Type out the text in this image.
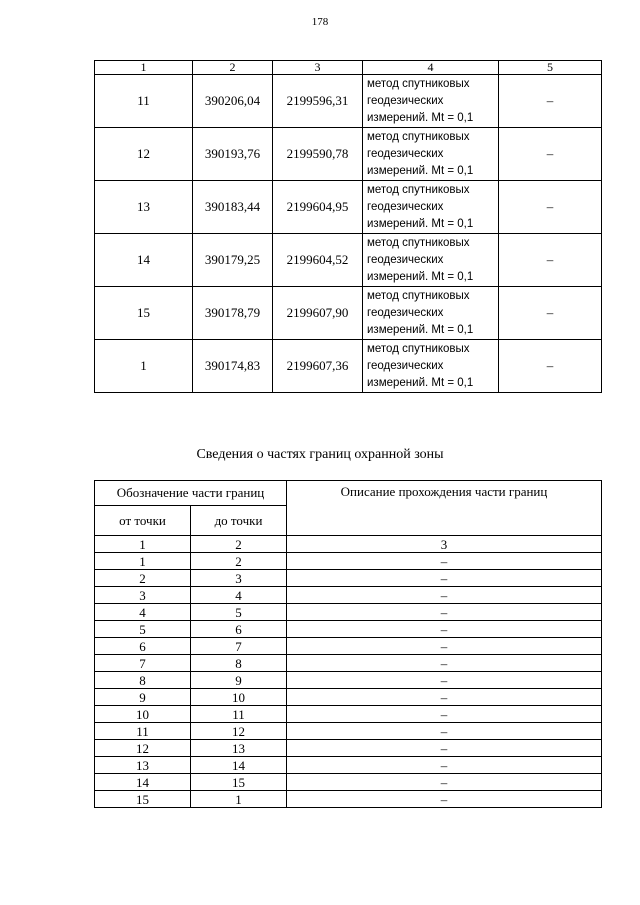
178
1	2	3	4	5
11	390206,04	2199596,31	метод спутниковых
геодезических
измерений. Mt = 0,1	–
12	390193,76	2199590,78	метод спутниковых
геодезических
измерений. Mt = 0,1	–
13	390183,44	2199604,95	метод спутниковых
геодезических
измерений. Mt = 0,1	–
14	390179,25	2199604,52	метод спутниковых
геодезических
измерений. Mt = 0,1	–
15	390178,79	2199607,90	метод спутниковых
геодезических
измерений. Mt = 0,1	–
1	390174,83	2199607,36	метод спутниковых
геодезических
измерений. Mt = 0,1	–
Сведения о частях границ охранной зоны
Обозначение части границ		Описание прохождения части границ
от точки	до точки	
1	2	3
1	2	–
2	3	–
3	4	–
4	5	–
5	6	–
6	7	–
7	8	–
8	9	–
9	10	–
10	11	–
11	12	–
12	13	–
13	14	–
14	15	–
15	1	–
